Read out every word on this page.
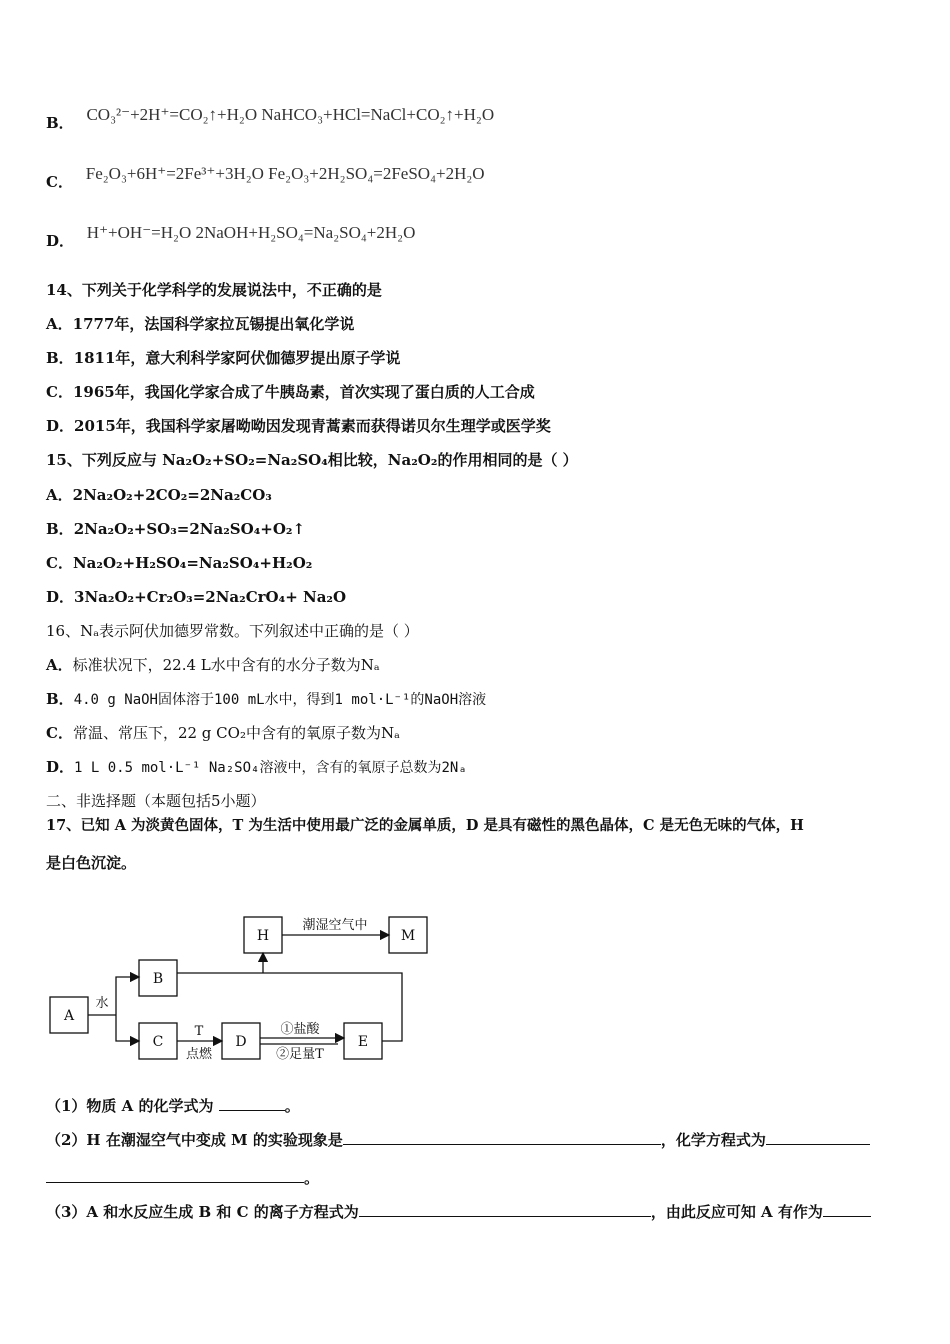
B． CO₃²⁻+2H⁺=CO₂↑+H₂O NaHCO₃+HCl=NaCl+CO₂↑+H₂O
C． Fe₂O₃+6H⁺=2Fe³⁺+3H₂O Fe₂O₃+2H₂SO₄=2FeSO₄+2H₂O
D． H⁺+OH⁻=H₂O 2NaOH+H₂SO₄=Na₂SO₄+2H₂O
14、下列关于化学科学的发展说法中，不正确的是
A．1777年，法国科学家拉瓦锡提出氧化学说
B．1811年，意大利科学家阿伏伽德罗提出原子学说
C．1965年，我国化学家合成了牛胰岛素，首次实现了蛋白质的人工合成
D．2015年，我国科学家屠呦呦因发现青蒿素而获得诺贝尔生理学或医学奖
15、下列反应与 Na₂O₂+SO₂=Na₂SO₄相比较，Na₂O₂的作用相同的是（ ）
A．2Na₂O₂+2CO₂=2Na₂CO₃
B．2Na₂O₂+SO₃=2Na₂SO₄+O₂↑
C．Na₂O₂+H₂SO₄=Na₂SO₄+H₂O₂
D．3Na₂O₂+Cr₂O₃=2Na₂CrO₄+ Na₂O
16、Nₐ表示阿伏加德罗常数。下列叙述中正确的是（ ）
A．标准状况下，22.4 L水中含有的水分子数为Nₐ
B．4.0 g NaOH固体溶于100 mL水中，得到1 mol·L⁻¹的NaOH溶液
C．常温、常压下，22 g CO₂中含有的氧原子数为Nₐ
D．1 L 0.5 mol·L⁻¹ Na₂SO₄溶液中，含有的氧原子总数为2Nₐ
二、非选择题（本题包括5小题）
17、已知 A 为淡黄色固体，T 为生活中使用最广泛的金属单质，D 是具有磁性的黑色晶体，C 是无色无味的气体，H
是白色沉淀。
A
B
C	D	E
H	M
水
T
点燃
潮湿空气中
①盐酸
②足量T
（1）物质 A 的化学式为	。
（2）H 在潮湿空气中变成 M 的实验现象是	，化学方程式为
。
（3）A 和水反应生成 B 和 C 的离子方程式为	，由此反应可知 A 有作为
